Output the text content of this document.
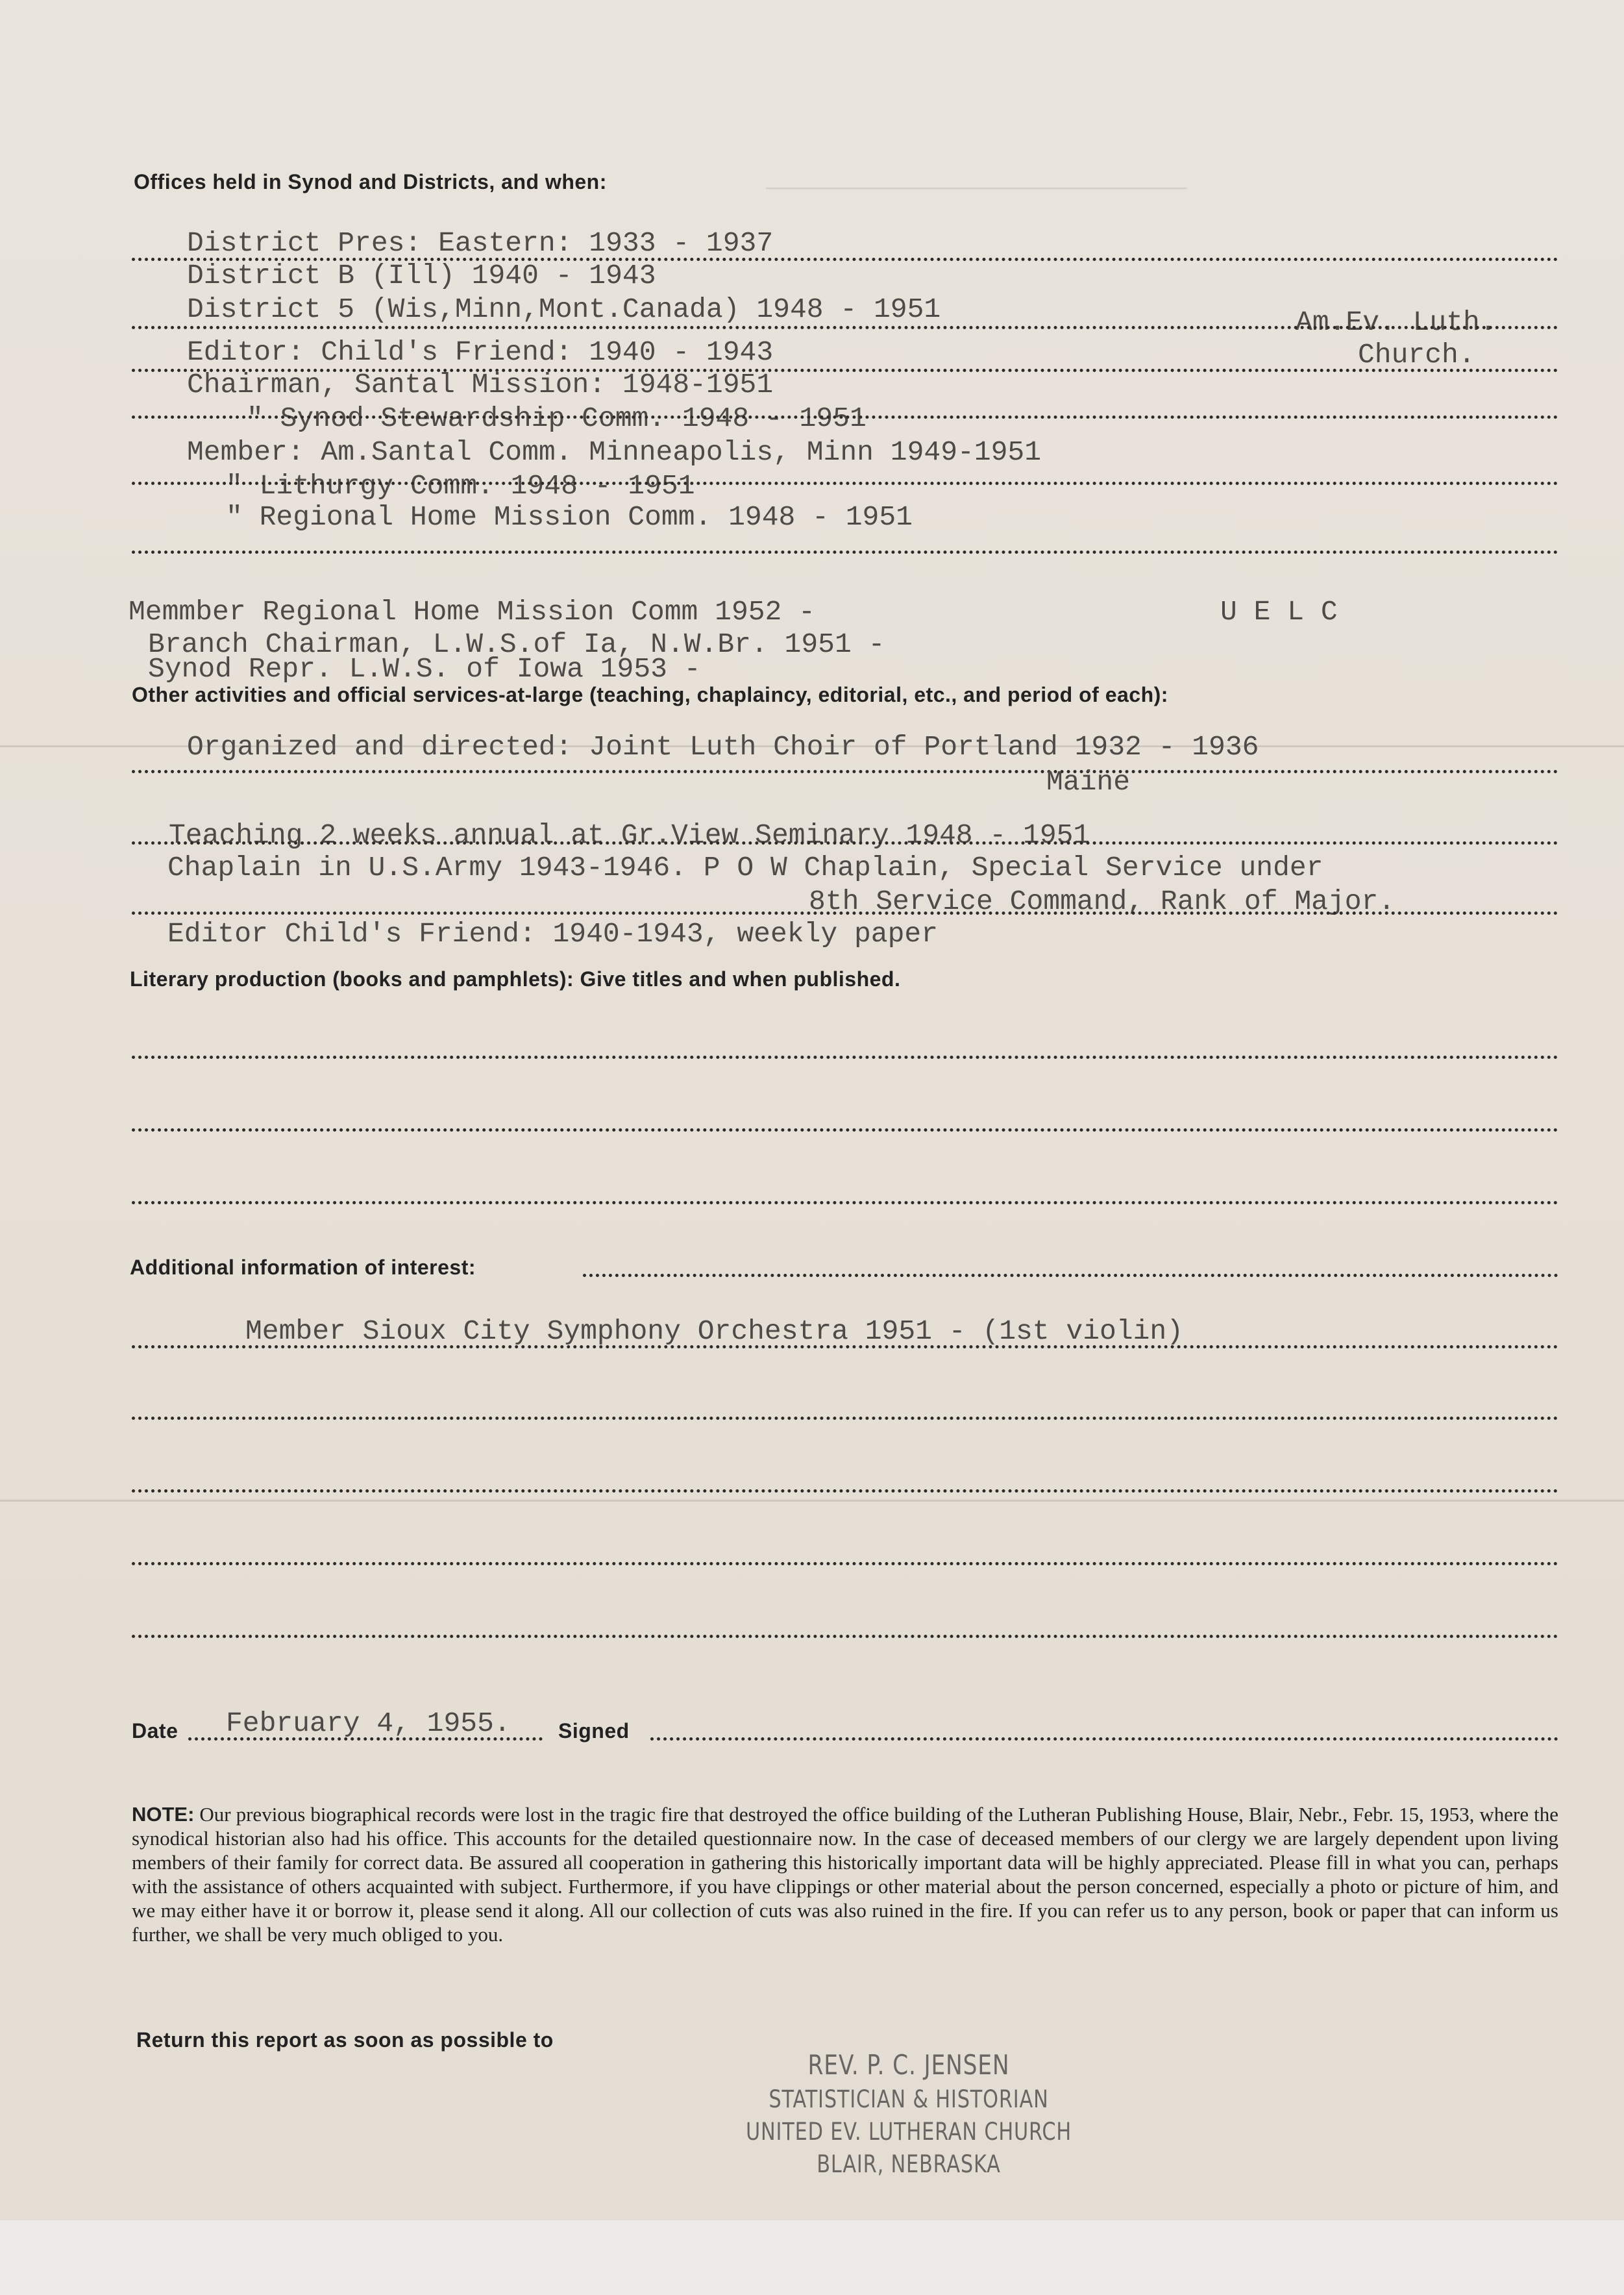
──────────────────────────────
Offices held in Synod and Districts, and when:
District Pres: Eastern: 1933 - 1937
District B (Ill) 1940 - 1943
District 5 (Wis,Minn,Mont.Canada) 1948 - 1951	Am.Ev. Luth.
Editor: Child's Friend: 1940 - 1943	Church.
Chairman, Santal Mission: 1948-1951
" Synod Stewardship Comm. 1948 - 1951
Member: Am.Santal Comm. Minneapolis, Minn 1949-1951
" Lithurgy Comm. 1948 - 1951
" Regional Home Mission Comm. 1948 - 1951
Memmber Regional Home Mission Comm 1952 -	U E L C
Branch Chairman, L.W.S.of Ia, N.W.Br. 1951 -
Synod Repr. L.W.S. of Iowa 1953 -
Other activities and official services-at-large (teaching, chaplaincy, editorial, etc., and period of each):
Organized and directed: Joint Luth Choir of Portland 1932 - 1936
Maine
Teaching 2 weeks annual at Gr.View Seminary 1948 - 1951
Chaplain in U.S.Army 1943-1946. P O W Chaplain, Special Service under
8th Service Command, Rank of Major.
Editor Child's Friend: 1940-1943, weekly paper
Literary production (books and pamphlets): Give titles and when published.
Additional information of interest:
Member Sioux City Symphony Orchestra 1951 - (1st violin)
Date February 4, 1955. Signed
NOTE: Our previous biographical records were lost in the tragic fire that destroyed the office building of the Lutheran Publishing House, Blair, Nebr., Febr. 15, 1953, where the synodical historian also had his office. This accounts for the detailed questionnaire now. In the case of deceased members of our clergy we are largely dependent upon living members of their family for correct data. Be assured all cooperation in gathering this historically important data will be highly appreciated. Please fill in what you can, perhaps with the assistance of others acquainted with subject. Furthermore, if you have clippings or other material about the person concerned, especially a photo or picture of him, and we may either have it or borrow it, please send it along. All our collection of cuts was also ruined in the fire. If you can refer us to any person, book or paper that can inform us further, we shall be very much obliged to you.
Return this report as soon as possible to
REV. P. C. JENSEN
STATISTICIAN & HISTORIAN
UNITED EV. LUTHERAN CHURCH
BLAIR, NEBRASKA
